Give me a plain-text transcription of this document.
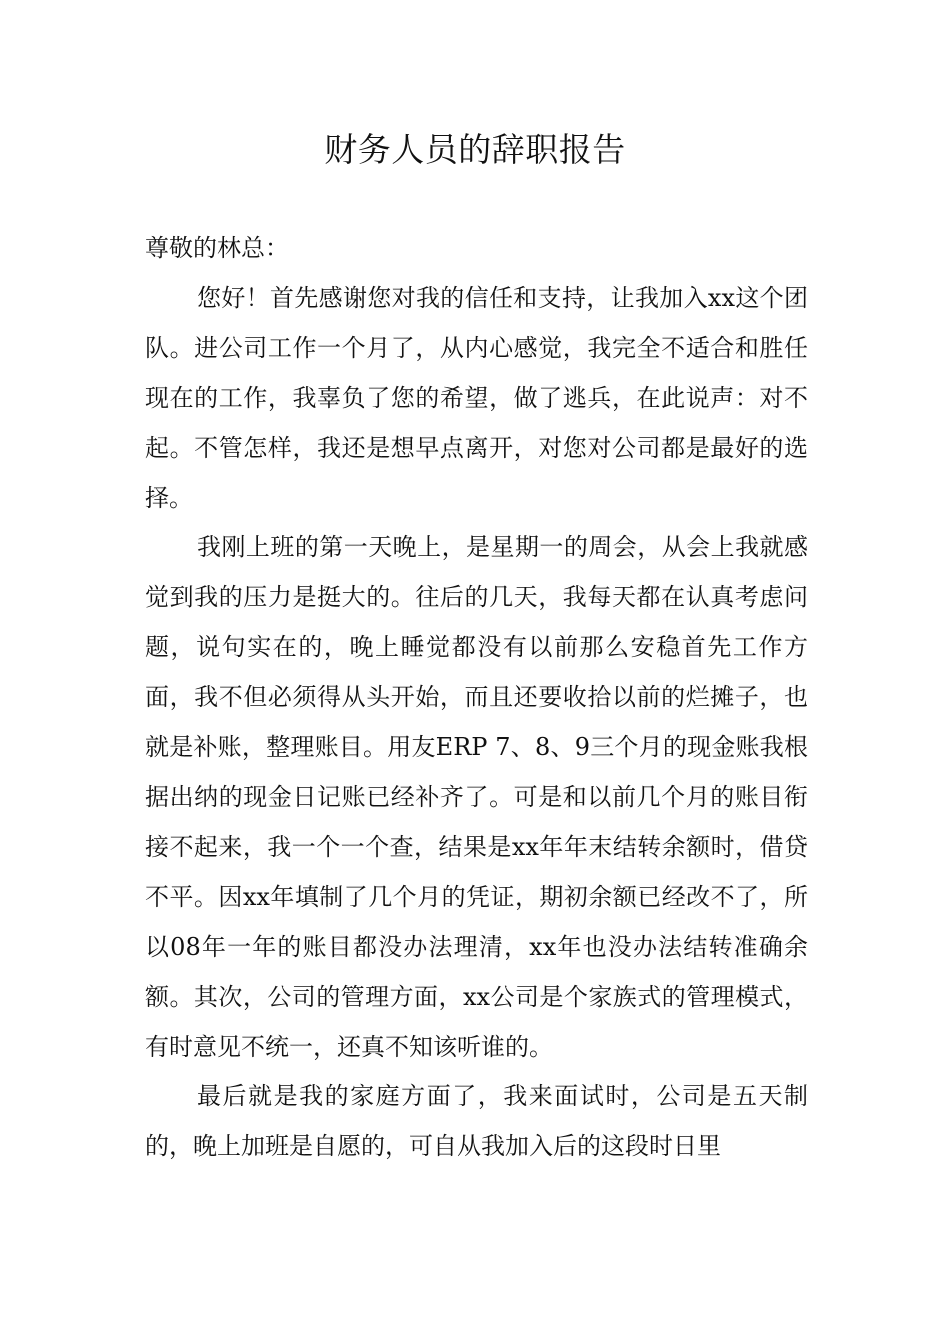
财务人员的辞职报告

尊敬的林总：

您好！首先感谢您对我的信任和支持，让我加入xx这个团队。进公司工作一个月了，从内心感觉，我完全不适合和胜任现在的工作，我辜负了您的希望，做了逃兵，在此说声：对不起。不管怎样，我还是想早点离开，对您对公司都是最好的选择。

我刚上班的第一天晚上，是星期一的周会，从会上我就感觉到我的压力是挺大的。往后的几天，我每天都在认真考虑问题，说句实在的，晚上睡觉都没有以前那么安稳首先工作方面，我不但必须得从头开始，而且还要收拾以前的烂摊子，也就是补账，整理账目。用友ERP 7、8、9三个月的现金账我根据出纳的现金日记账已经补齐了。可是和以前几个月的账目衔接不起来，我一个一个查，结果是xx年年末结转余额时，借贷不平。因xx年填制了几个月的凭证，期初余额已经改不了，所以08年一年的账目都没办法理清，xx年也没办法结转准确余额。其次，公司的管理方面，xx公司是个家族式的管理模式，有时意见不统一，还真不知该听谁的。

最后就是我的家庭方面了，我来面试时，公司是五天制的，晚上加班是自愿的，可自从我加入后的这段时日里
